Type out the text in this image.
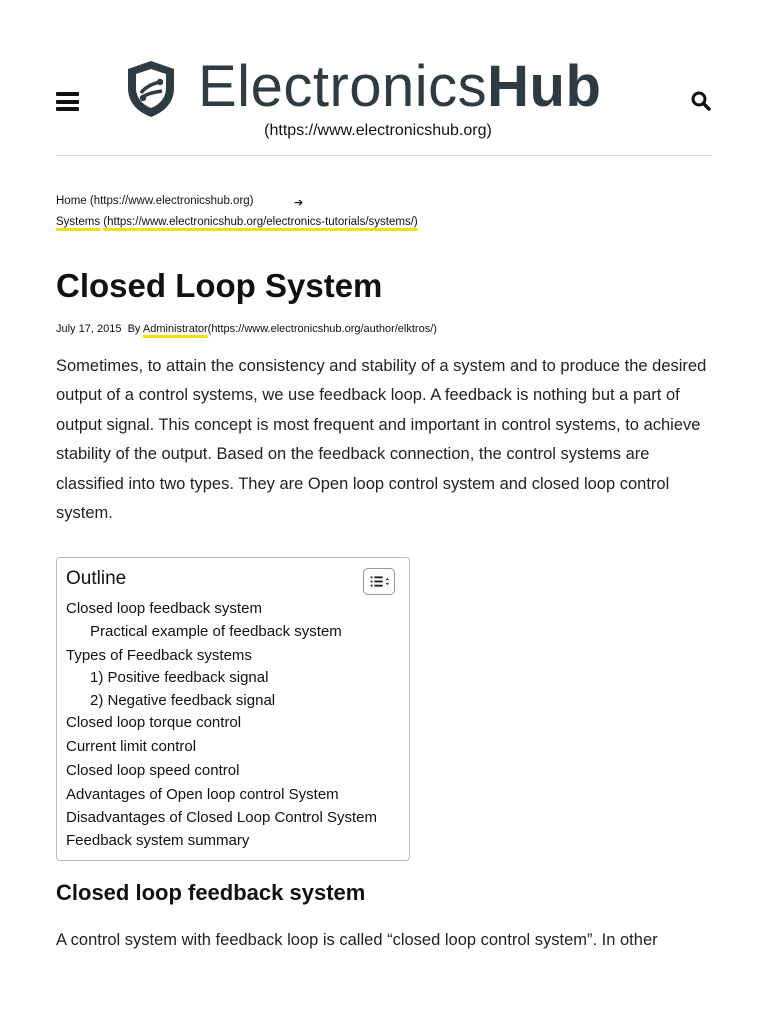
ElectronicsHub
(https://www.electronicshub.org)
Home (https://www.electronicshub.org)	➔
Systems (https://www.electronicshub.org/electronics-tutorials/systems/)
Closed Loop System
July 17, 2015 By Administrator(https://www.electronicshub.org/author/elktros/)

Sometimes, to attain the consistency and stability of a system and to produce the desired output of a control systems, we use feedback loop. A feedback is nothing but a part of output signal. This concept is most frequent and important in control systems, to achieve stability of the output. Based on the feedback connection, the control systems are classified into two types. They are Open loop control system and closed loop control system.

Outline
Closed loop feedback system
Practical example of feedback system
Types of Feedback systems
1) Positive feedback signal
2) Negative feedback signal
Closed loop torque control
Current limit control
Closed loop speed control
Advantages of Open loop control System
Disadvantages of Closed Loop Control System
Feedback system summary
Closed loop feedback system

A control system with feedback loop is called “closed loop control system”. In other
